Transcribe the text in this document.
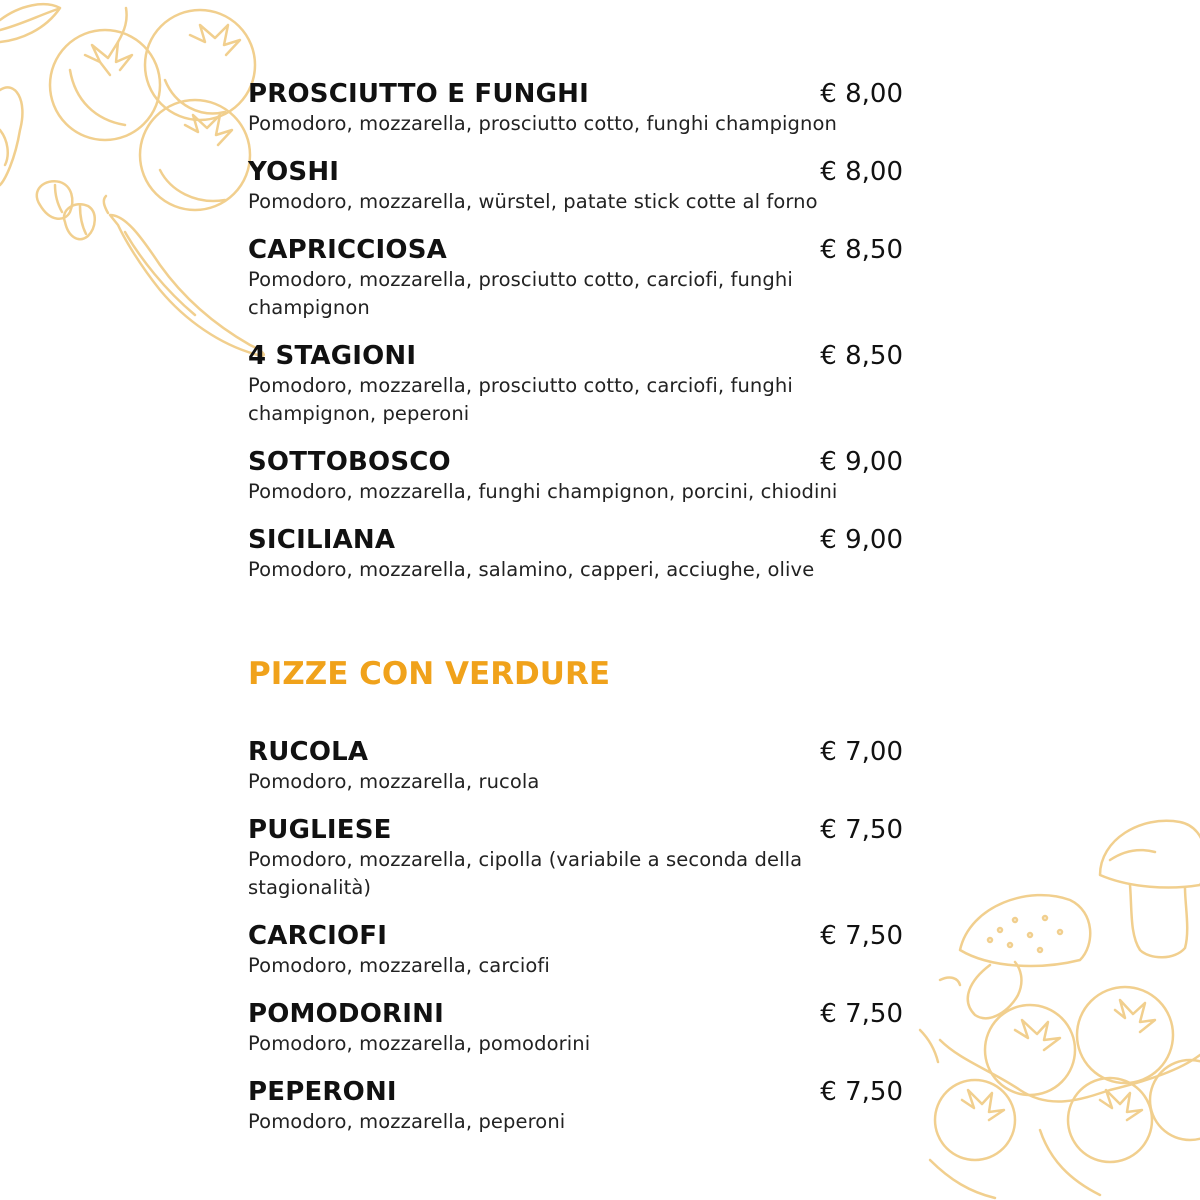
PROSCIUTTO E FUNGHI	€ 8,00
Pomodoro, mozzarella, prosciutto cotto, funghi champignon
YOSHI	€ 8,00
Pomodoro, mozzarella, würstel, patate stick cotte al forno
CAPRICCIOSA	€ 8,50
Pomodoro, mozzarella, prosciutto cotto, carciofi, funghi champignon
4 STAGIONI	€ 8,50
Pomodoro, mozzarella, prosciutto cotto, carciofi, funghi champignon, peperoni
SOTTOBOSCO	€ 9,00
Pomodoro, mozzarella, funghi champignon, porcini, chiodini
SICILIANA	€ 9,00
Pomodoro, mozzarella, salamino, capperi, acciughe, olive
PIZZE CON VERDURE
RUCOLA	€ 7,00
Pomodoro, mozzarella, rucola
PUGLIESE	€ 7,50
Pomodoro, mozzarella, cipolla (variabile a seconda della stagionalità)
CARCIOFI	€ 7,50
Pomodoro, mozzarella, carciofi
POMODORINI	€ 7,50
Pomodoro, mozzarella, pomodorini
PEPERONI	€ 7,50
Pomodoro, mozzarella, peperoni
